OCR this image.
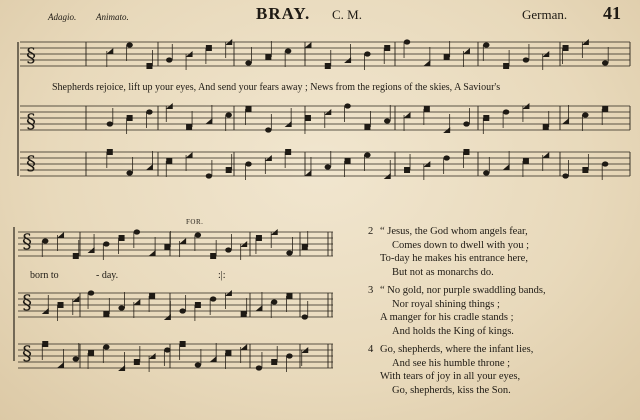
Adagio. Animato.	BRAY. C. M.	German. 41
§
§
§
§
§
§
Shepherds rejoice, lift up your eyes, And send your fears away ; News from the regions of the skies, A Saviour's
FOR.
born to	- day.	:|:
2 “ Jesus, the God whom angels fear,
Comes down to dwell with you ;
To-day he makes his entrance here,
But not as monarchs do.
3 “ No gold, nor purple swaddling bands,
Nor royal shining things ;
A manger for his cradle stands ;
And holds the King of kings.
4 Go, shepherds, where the infant lies,
And see his humble throne ;
With tears of joy in all your eyes,
Go, shepherds, kiss the Son.
